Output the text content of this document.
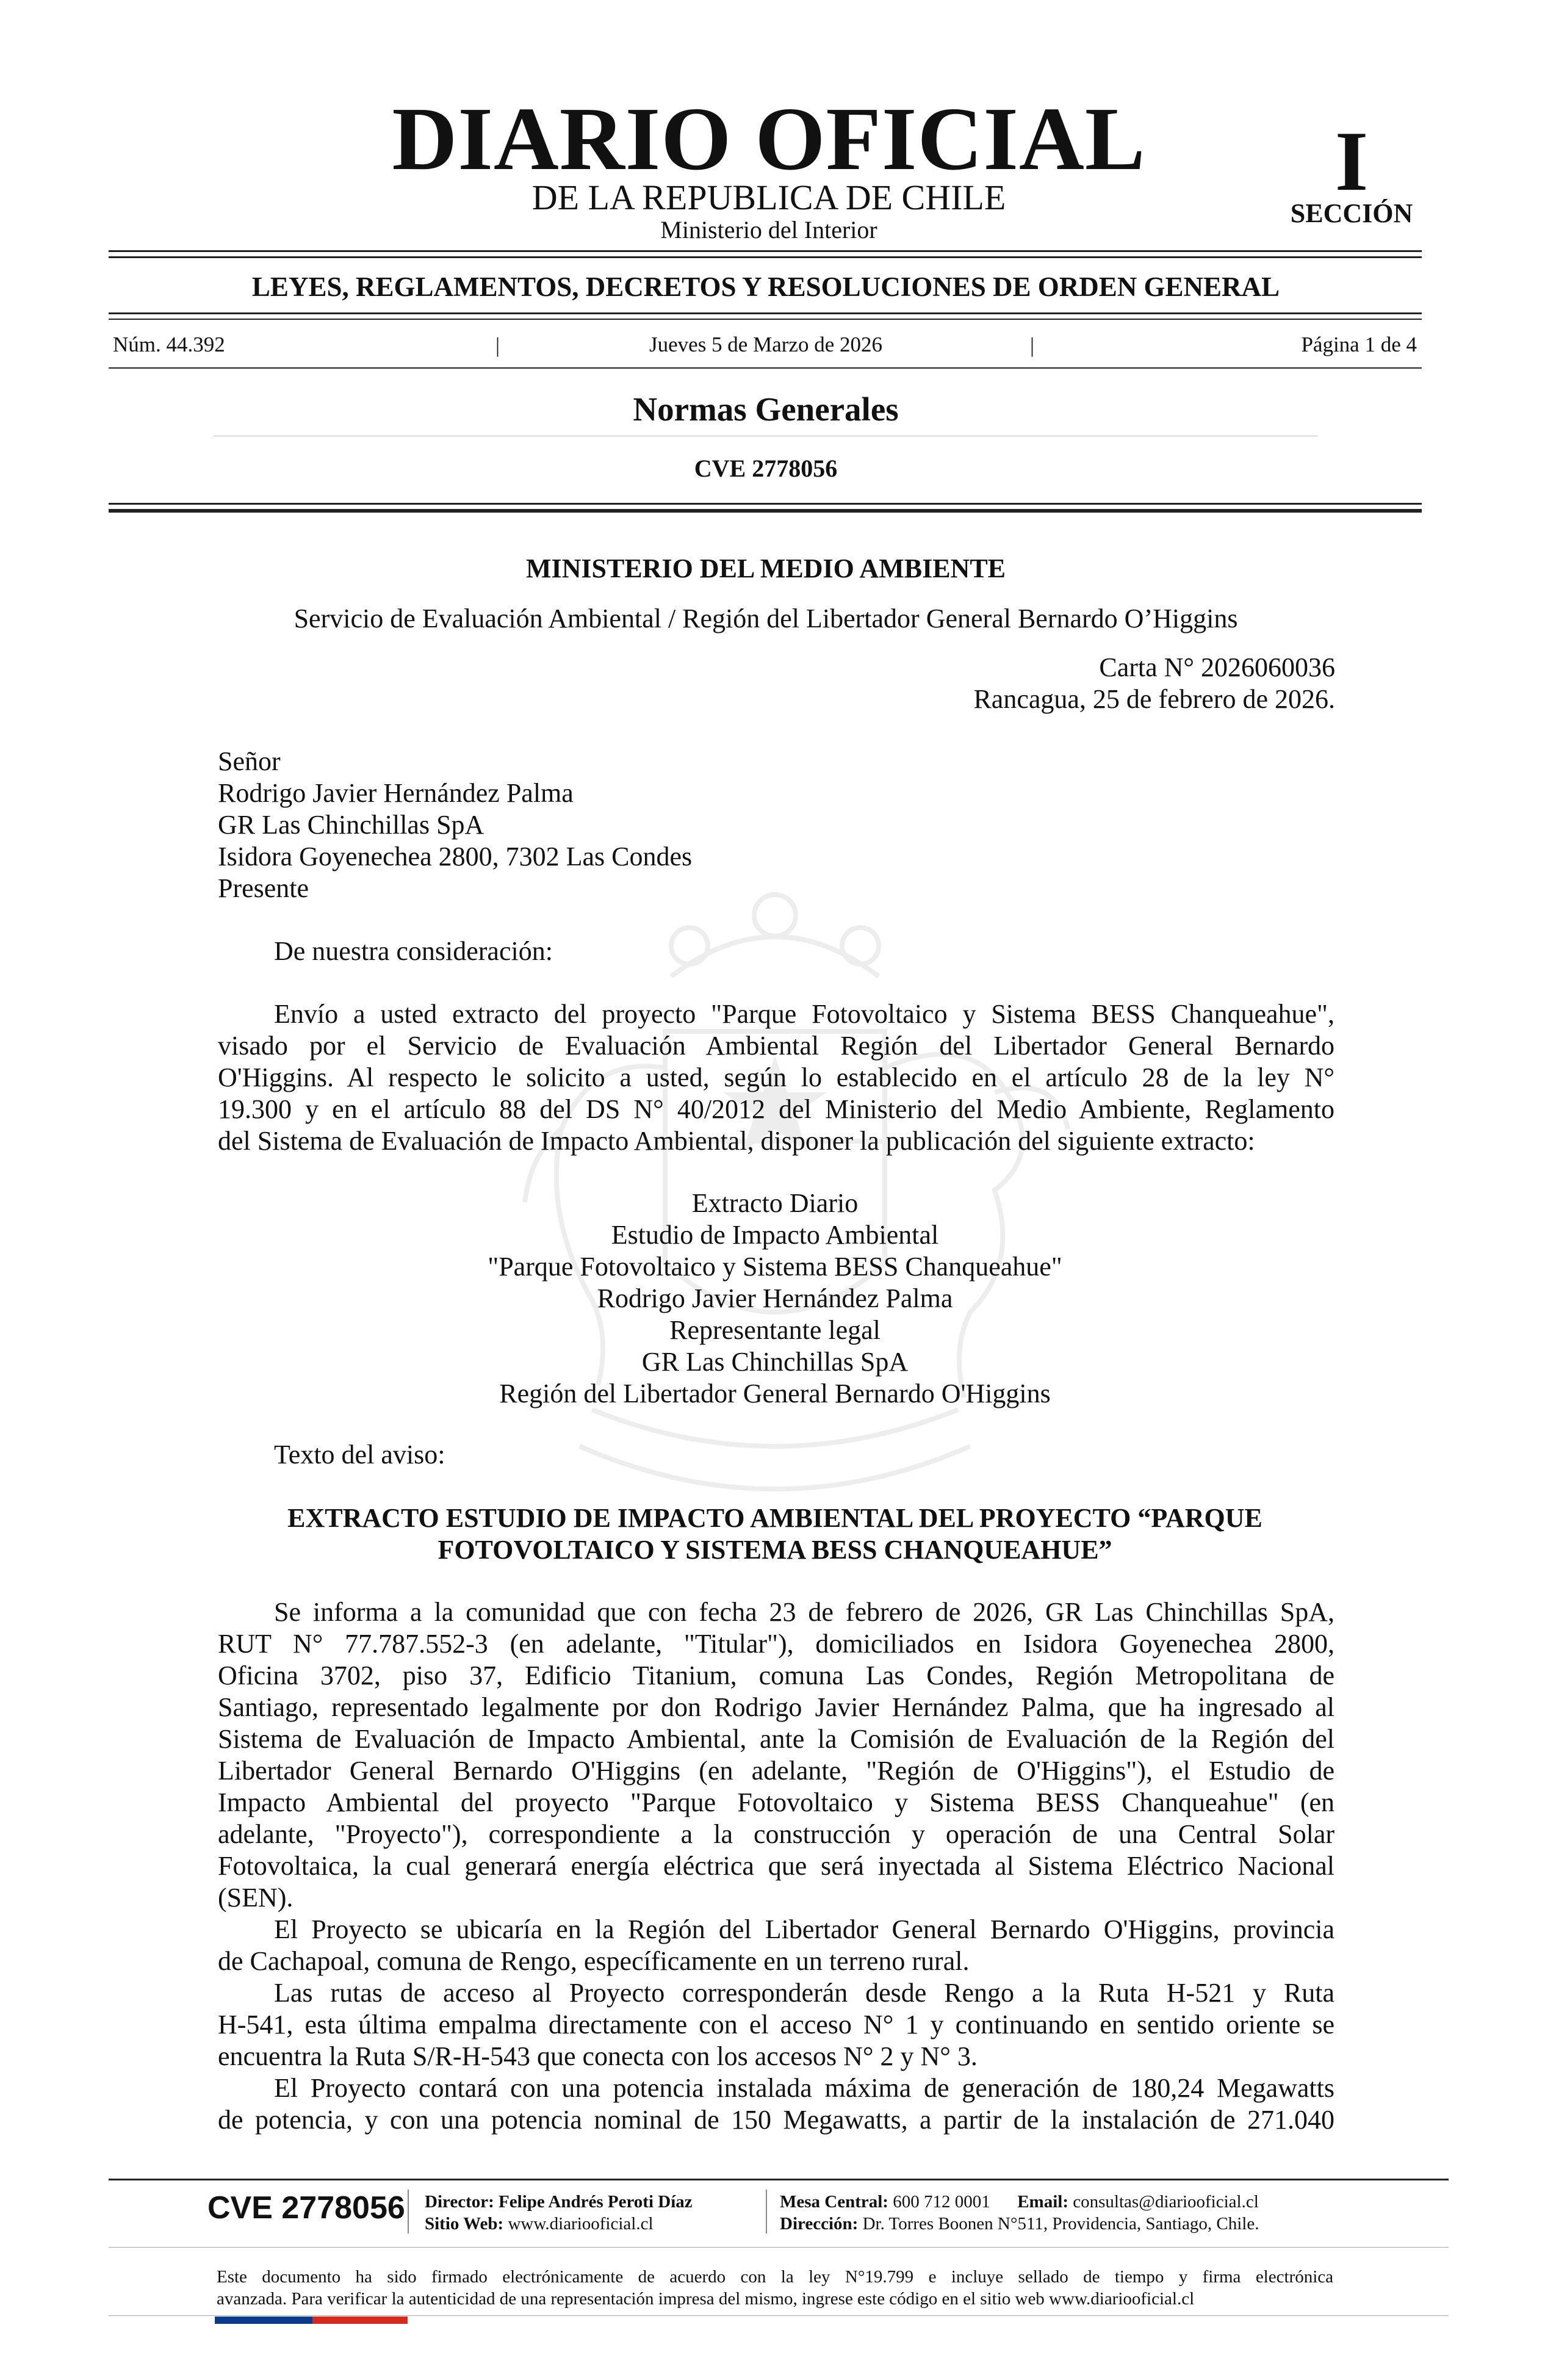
DIARIO OFICIAL
DE LA REPUBLICA DE CHILE
Ministerio del Interior
I
SECCIÓN
LEYES, REGLAMENTOS, DECRETOS Y RESOLUCIONES DE ORDEN GENERAL
Núm. 44.392	|	Jueves 5 de Marzo de 2026	|	Página 1 de 4
Normas Generales
CVE 2778056
MINISTERIO DEL MEDIO AMBIENTE
Servicio de Evaluación Ambiental / Región del Libertador General Bernardo O’Higgins
Carta N° 2026060036
Rancagua, 25 de febrero de 2026.
Señor
Rodrigo Javier Hernández Palma
GR Las Chinchillas SpA
Isidora Goyenechea 2800, 7302 Las Condes
Presente
De nuestra consideración:
Envío a usted extracto del proyecto "Parque Fotovoltaico y Sistema BESS Chanqueahue",
visado por el Servicio de Evaluación Ambiental Región del Libertador General Bernardo
O'Higgins. Al respecto le solicito a usted, según lo establecido en el artículo 28 de la ley N°
19.300 y en el artículo 88 del DS N° 40/2012 del Ministerio del Medio Ambiente, Reglamento
del Sistema de Evaluación de Impacto Ambiental, disponer la publicación del siguiente extracto:
Extracto Diario
Estudio de Impacto Ambiental
"Parque Fotovoltaico y Sistema BESS Chanqueahue"
Rodrigo Javier Hernández Palma
Representante legal
GR Las Chinchillas SpA
Región del Libertador General Bernardo O'Higgins
Texto del aviso:
EXTRACTO ESTUDIO DE IMPACTO AMBIENTAL DEL PROYECTO “PARQUE
FOTOVOLTAICO Y SISTEMA BESS CHANQUEAHUE”
Se informa a la comunidad que con fecha 23 de febrero de 2026, GR Las Chinchillas SpA,
RUT N° 77.787.552-3 (en adelante, "Titular"), domiciliados en Isidora Goyenechea 2800,
Oficina 3702, piso 37, Edificio Titanium, comuna Las Condes, Región Metropolitana de
Santiago, representado legalmente por don Rodrigo Javier Hernández Palma, que ha ingresado al
Sistema de Evaluación de Impacto Ambiental, ante la Comisión de Evaluación de la Región del
Libertador General Bernardo O'Higgins (en adelante, "Región de O'Higgins"), el Estudio de
Impacto Ambiental del proyecto "Parque Fotovoltaico y Sistema BESS Chanqueahue" (en
adelante, "Proyecto"), correspondiente a la construcción y operación de una Central Solar
Fotovoltaica, la cual generará energía eléctrica que será inyectada al Sistema Eléctrico Nacional
(SEN).
El Proyecto se ubicaría en la Región del Libertador General Bernardo O'Higgins, provincia
de Cachapoal, comuna de Rengo, específicamente en un terreno rural.
Las rutas de acceso al Proyecto corresponderán desde Rengo a la Ruta H-521 y Ruta
H-541, esta última empalma directamente con el acceso N° 1 y continuando en sentido oriente se
encuentra la Ruta S/R-H-543 que conecta con los accesos N° 2 y N° 3.
El Proyecto contará con una potencia instalada máxima de generación de 180,24 Megawatts
de potencia, y con una potencia nominal de 150 Megawatts, a partir de la instalación de 271.040
CVE 2778056 Director: Felipe Andrés Peroti Díaz
Sitio Web: www.diariooficial.cl
Mesa Central: 600 712 0001 Email: consultas@diariooficial.cl
Dirección: Dr. Torres Boonen N°511, Providencia, Santiago, Chile.
Este documento ha sido firmado electrónicamente de acuerdo con la ley N°19.799 e incluye sellado de tiempo y firma electrónica
avanzada. Para verificar la autenticidad de una representación impresa del mismo, ingrese este código en el sitio web www.diariooficial.cl
